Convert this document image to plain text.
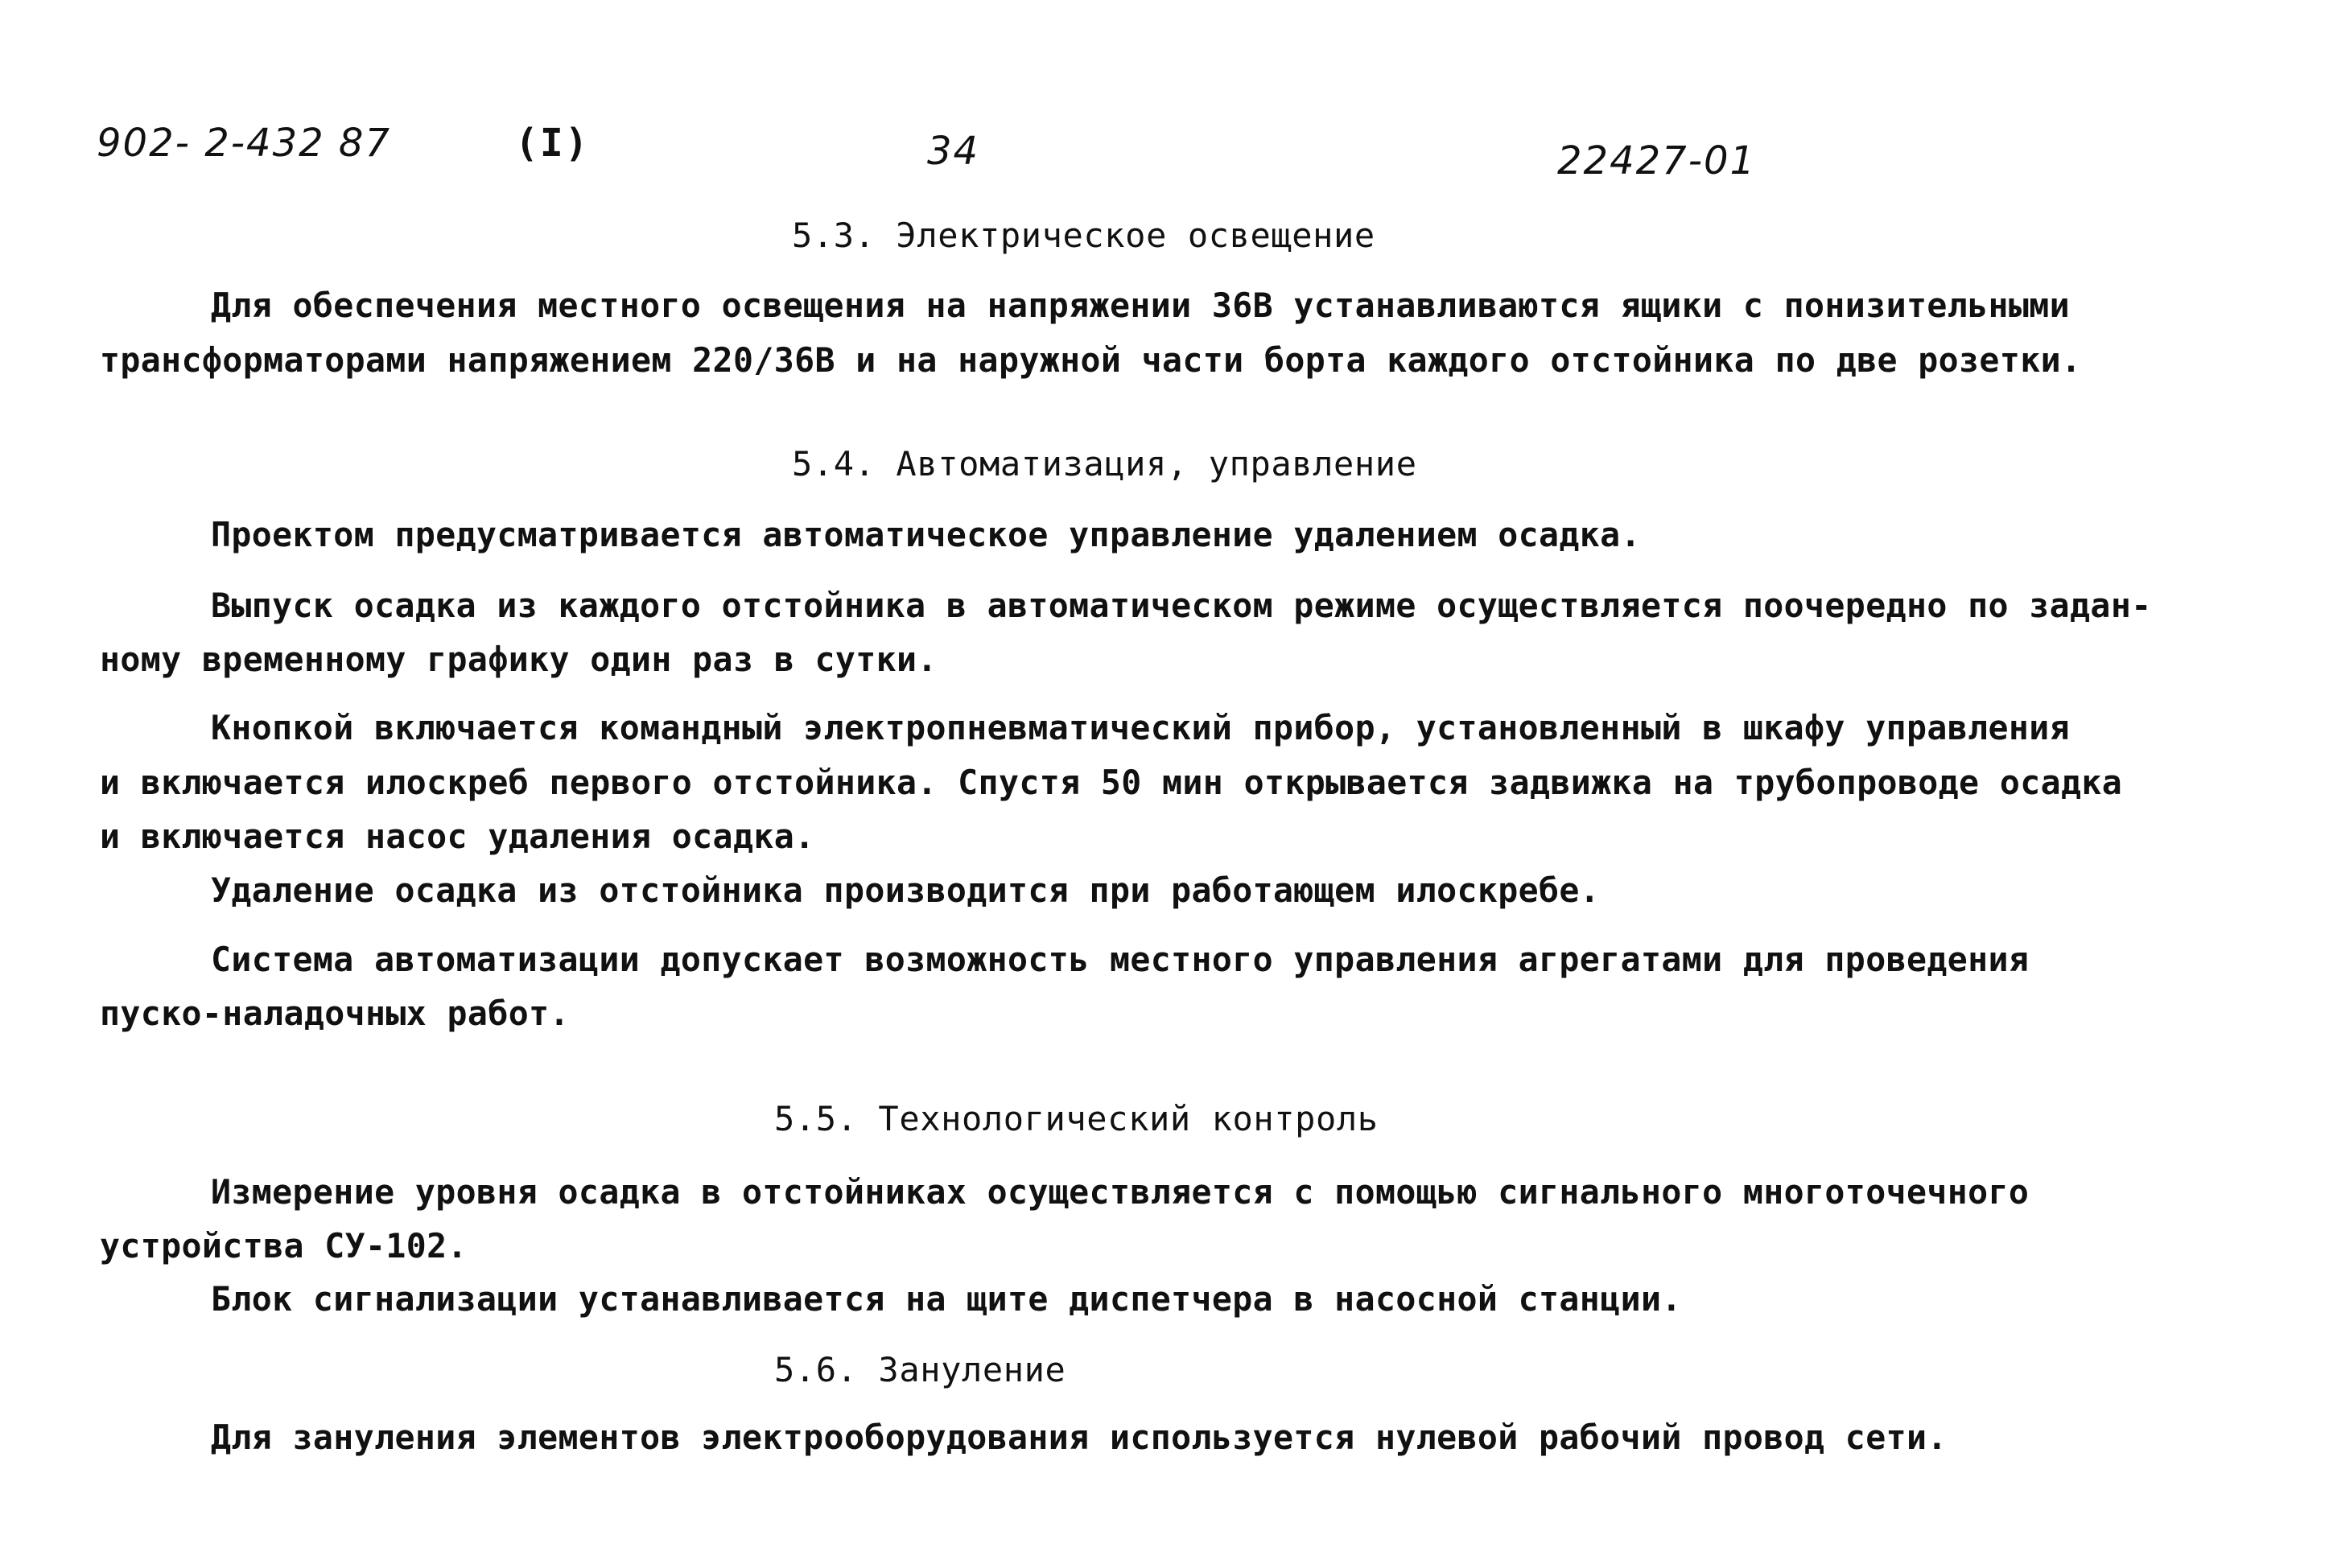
902- 2-432 87	(I)	34	22427-01
5.3. Электрическое освещение
Для обеспечения местного освещения на напряжении 36В устанавливаются ящики с понизительными
трансформаторами напряжением 220/36В и на наружной части борта каждого отстойника по две розетки.
5.4. Автоматизация, управление
Проектом предусматривается автоматическое управление удалением осадка.
Выпуск осадка из каждого отстойника в автоматическом режиме осуществляется поочередно по задан-
ному временному графику один раз в сутки.
Кнопкой включается командный электропневматический прибор, установленный в шкафу управления
и включается илоскреб первого отстойника. Спустя 50 мин открывается задвижка на трубопроводе осадка
и включается насос удаления осадка.
Удаление осадка из отстойника производится при работающем илоскребе.
Система автоматизации допускает возможность местного управления агрегатами для проведения
пуско-наладочных работ.
5.5. Технологический контроль
Измерение уровня осадка в отстойниках осуществляется с помощью сигнального многоточечного
устройства СУ-102.
Блок сигнализации устанавливается на щите диспетчера в насосной станции.
5.6. Зануление
Для зануления элементов электрооборудования используется нулевой рабочий провод сети.
